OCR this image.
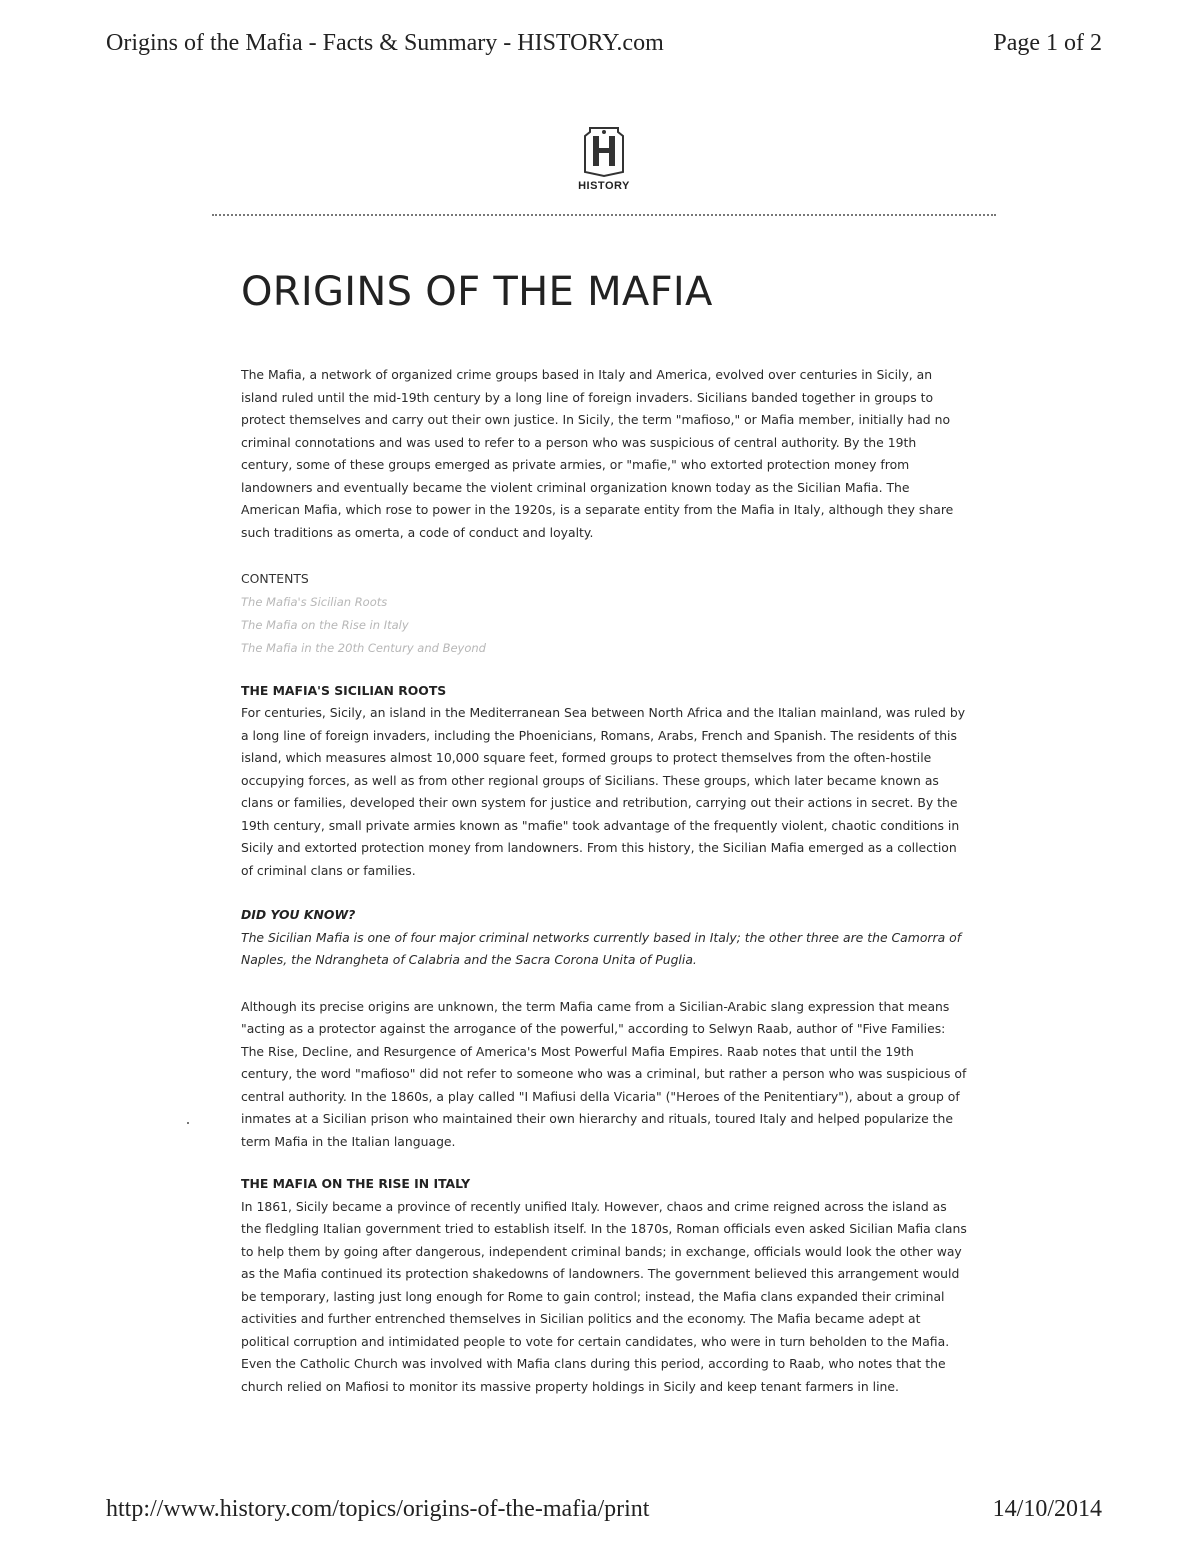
Origins of the Mafia - Facts & Summary - HISTORY.com	Page 1 of 2
HISTORY
ORIGINS OF THE MAFIA

The Mafia, a network of organized crime groups based in Italy and America, evolved over centuries in Sicily, an island ruled until the mid-19th century by a long line of foreign invaders. Sicilians banded together in groups to protect themselves and carry out their own justice. In Sicily, the term "mafioso," or Mafia member, initially had no criminal connotations and was used to refer to a person who was suspicious of central authority. By the 19th century, some of these groups emerged as private armies, or "mafie," who extorted protection money from landowners and eventually became the violent criminal organization known today as the Sicilian Mafia. The American Mafia, which rose to power in the 1920s, is a separate entity from the Mafia in Italy, although they share such traditions as omerta, a code of conduct and loyalty.

CONTENTS
The Mafia's Sicilian Roots
The Mafia on the Rise in Italy
The Mafia in the 20th Century and Beyond
THE MAFIA'S SICILIAN ROOTS

For centuries, Sicily, an island in the Mediterranean Sea between North Africa and the Italian mainland, was ruled by a long line of foreign invaders, including the Phoenicians, Romans, Arabs, French and Spanish. The residents of this island, which measures almost 10,000 square feet, formed groups to protect themselves from the often-hostile occupying forces, as well as from other regional groups of Sicilians. These groups, which later became known as clans or families, developed their own system for justice and retribution, carrying out their actions in secret. By the 19th century, small private armies known as "mafie" took advantage of the frequently violent, chaotic conditions in Sicily and extorted protection money from landowners. From this history, the Sicilian Mafia emerged as a collection of criminal clans or families.

DID YOU KNOW?

The Sicilian Mafia is one of four major criminal networks currently based in Italy; the other three are the Camorra of Naples, the Ndrangheta of Calabria and the Sacra Corona Unita of Puglia.

Although its precise origins are unknown, the term Mafia came from a Sicilian-Arabic slang expression that means "acting as a protector against the arrogance of the powerful," according to Selwyn Raab, author of "Five Families: The Rise, Decline, and Resurgence of America's Most Powerful Mafia Empires. Raab notes that until the 19th century, the word "mafioso" did not refer to someone who was a criminal, but rather a person who was suspicious of central authority. In the 1860s, a play called "I Mafiusi della Vicaria" ("Heroes of the Penitentiary"), about a group of inmates at a Sicilian prison who maintained their own hierarchy and rituals, toured Italy and helped popularize the term Mafia in the Italian language.

THE MAFIA ON THE RISE IN ITALY

In 1861, Sicily became a province of recently unified Italy. However, chaos and crime reigned across the island as the fledgling Italian government tried to establish itself. In the 1870s, Roman officials even asked Sicilian Mafia clans to help them by going after dangerous, independent criminal bands; in exchange, officials would look the other way as the Mafia continued its protection shakedowns of landowners. The government believed this arrangement would be temporary, lasting just long enough for Rome to gain control; instead, the Mafia clans expanded their criminal activities and further entrenched themselves in Sicilian politics and the economy. The Mafia became adept at political corruption and intimidated people to vote for certain candidates, who were in turn beholden to the Mafia. Even the Catholic Church was involved with Mafia clans during this period, according to Raab, who notes that the church relied on Mafiosi to monitor its massive property holdings in Sicily and keep tenant farmers in line.

http://www.history.com/topics/origins-of-the-mafia/print	14/10/2014
